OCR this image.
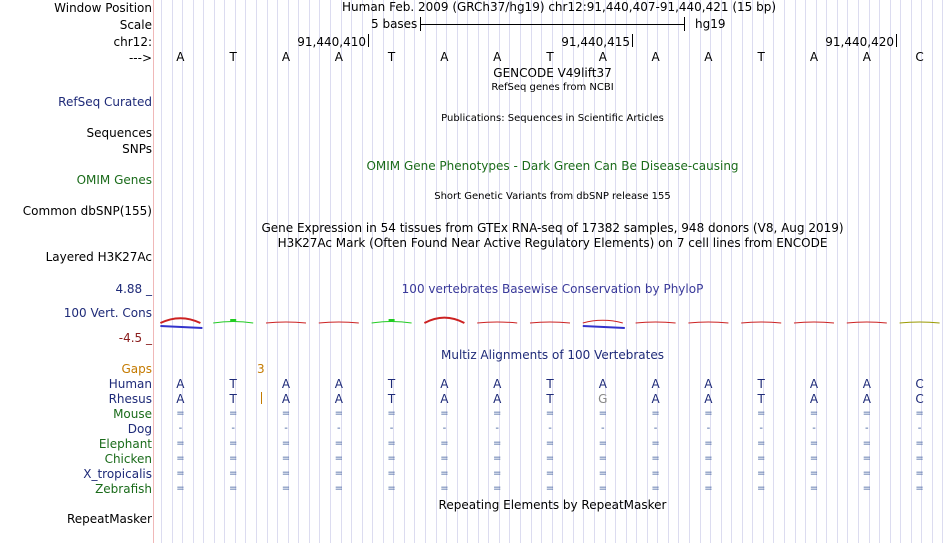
Window Position
Scale
chr12:
--->
RefSeq Curated
Sequences
SNPs
OMIM Genes
Common dbSNP(155)
Layered H3K27Ac
4.88 _
100 Vert. Cons
-4.5 _
Gaps
RepeatMasker
Human Feb. 2009 (GRCh37/hg19) chr12:91,440,407-91,440,421 (15 bp)
5 bases	hg19
91,440,410	91,440,415	91,440,420
A	T	A	A	T	A	A	T	A	A	A	T	A	A	C
GENCODE V49lift37
RefSeq genes from NCBI
Publications: Sequences in Scientific Articles
OMIM Gene Phenotypes - Dark Green Can Be Disease-causing
Short Genetic Variants from dbSNP release 155
Gene Expression in 54 tissues from GTEx RNA-seq of 17382 samples, 948 donors (V8, Aug 2019)
H3K27Ac Mark (Often Found Near Active Regulatory Elements) on 7 cell lines from ENCODE
100 vertebrates Basewise Conservation by PhyloP
Multiz Alignments of 100 Vertebrates
Repeating Elements by RepeatMasker
3
Human	A	T	A	A	T	A	A	T	A	A	A	T	A	A	C
Rhesus	A	T	A	A	T	A	A	T	G	A	A	T	A	A	C
Mouse	=	=	=	=	=	=	=	=	=	=	=	=	=	=	=
Dog	-	-	-	-	-	-	-	-	-	-	-	-	-	-	-
Elephant	=	=	=	=	=	=	=	=	=	=	=	=	=	=	=
Chicken	=	=	=	=	=	=	=	=	=	=	=	=	=	=	=
X_tropicalis	=	=	=	=	=	=	=	=	=	=	=	=	=	=	=
Zebrafish	=	=	=	=	=	=	=	=	=	=	=	=	=	=	=
